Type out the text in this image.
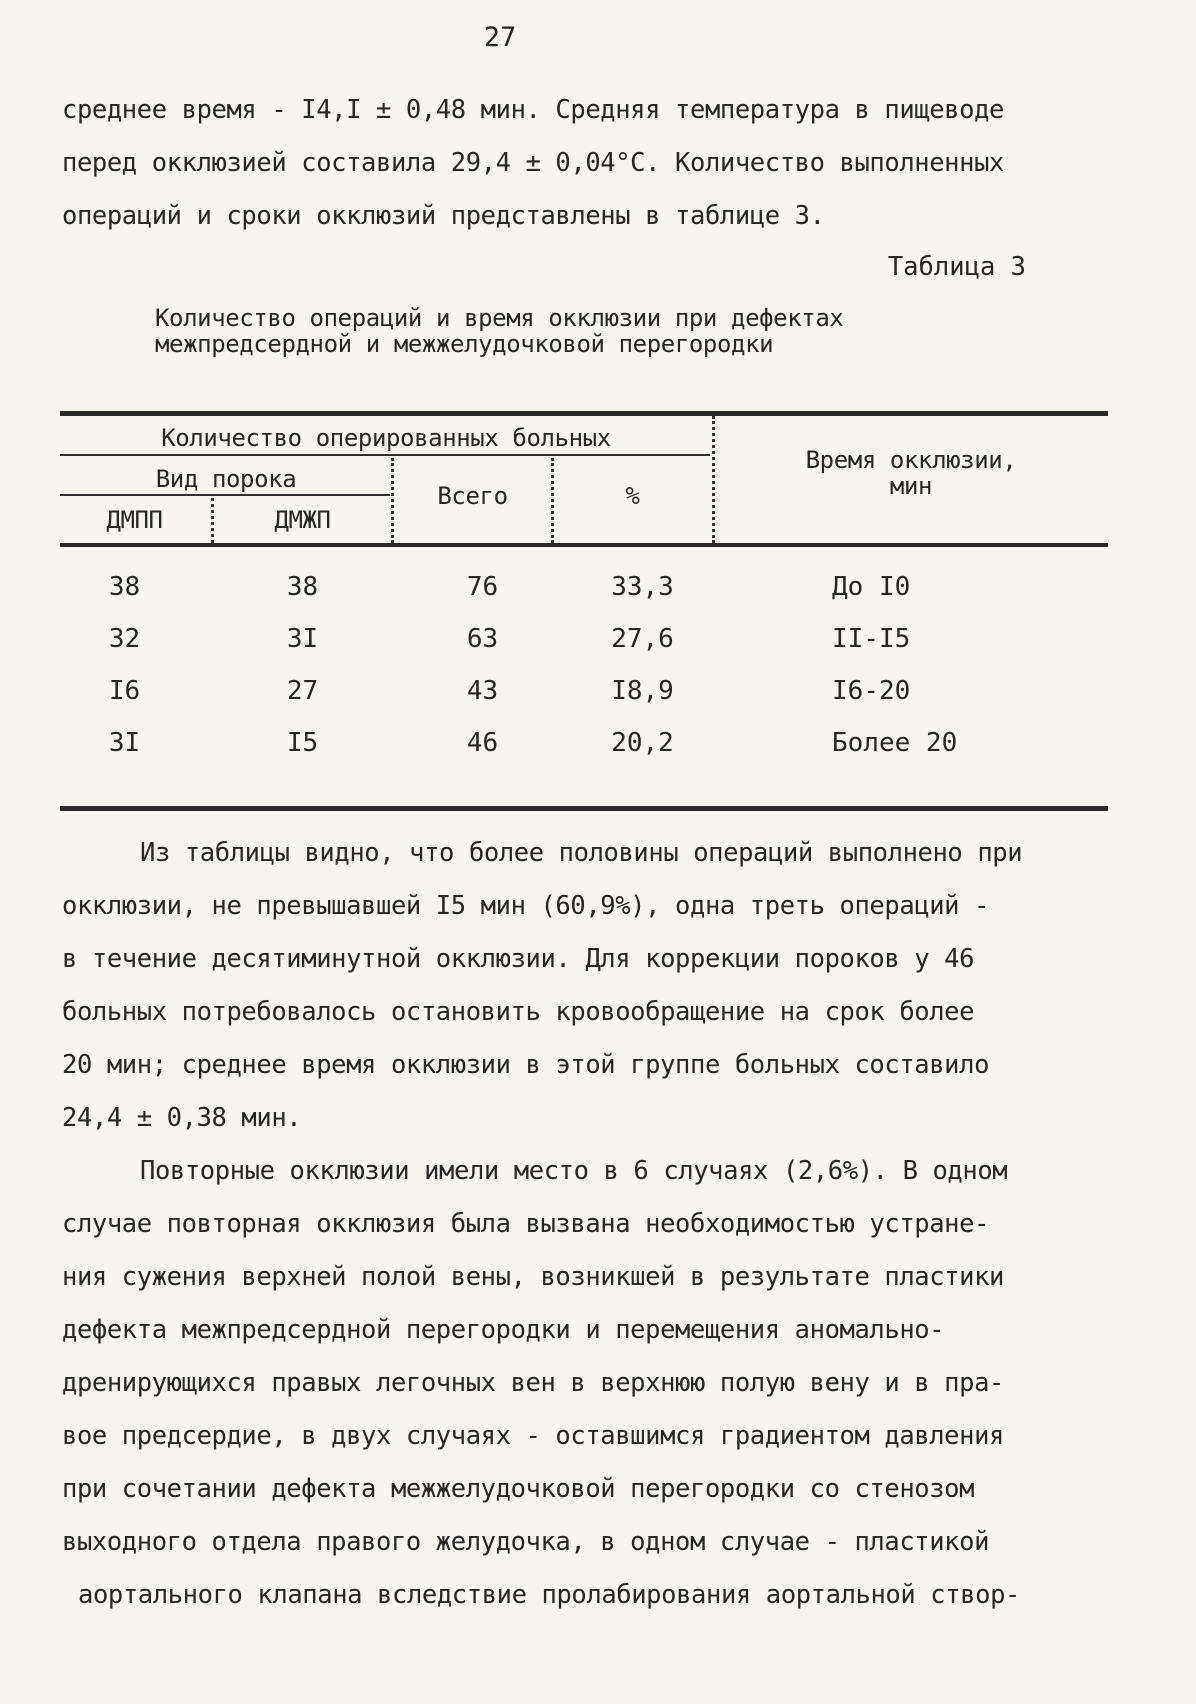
27
среднее время - I4,I ± 0,48 мин. Средняя температура в пищеводе
перед окклюзией составила 29,4 ± 0,04°С. Количество выполненных
операций и сроки окклюзий представлены в таблице 3.
Таблица 3
Количество операций и время окклюзии при дефектах
межпредсердной и межжелудочковой перегородки
Количество оперированных больных
Вид порока
ДМПП	ДМЖП
Всего	%
Время окклюзии,
мин
38	38	76	33,3	До I0
32	3I	63	27,6	II-I5
I6	27	43	I8,9	I6-20
3I	I5	46	20,2	Более 20
Из таблицы видно, что более половины операций выполнено при
окклюзии, не превышавшей I5 мин (60,9%), одна треть операций -
в течение десятиминутной окклюзии. Для коррекции пороков у 46
больных потребовалось остановить кровообращение на срок более
20 мин; среднее время окклюзии в этой группе больных составило
24,4 ± 0,38 мин.
Повторные окклюзии имели место в 6 случаях (2,6%). В одном
случае повторная окклюзия была вызвана необходимостью устране-
ния сужения верхней полой вены, возникшей в результате пластики
дефекта межпредсердной перегородки и перемещения аномально-
дренирующихся правых легочных вен в верхнюю полую вену и в пра-
вое предсердие, в двух случаях - оставшимся градиентом давления
при сочетании дефекта межжелудочковой перегородки со стенозом
выходного отдела правого желудочка, в одном случае - пластикой
аортального клапана вследствие пролабирования аортальной створ-
